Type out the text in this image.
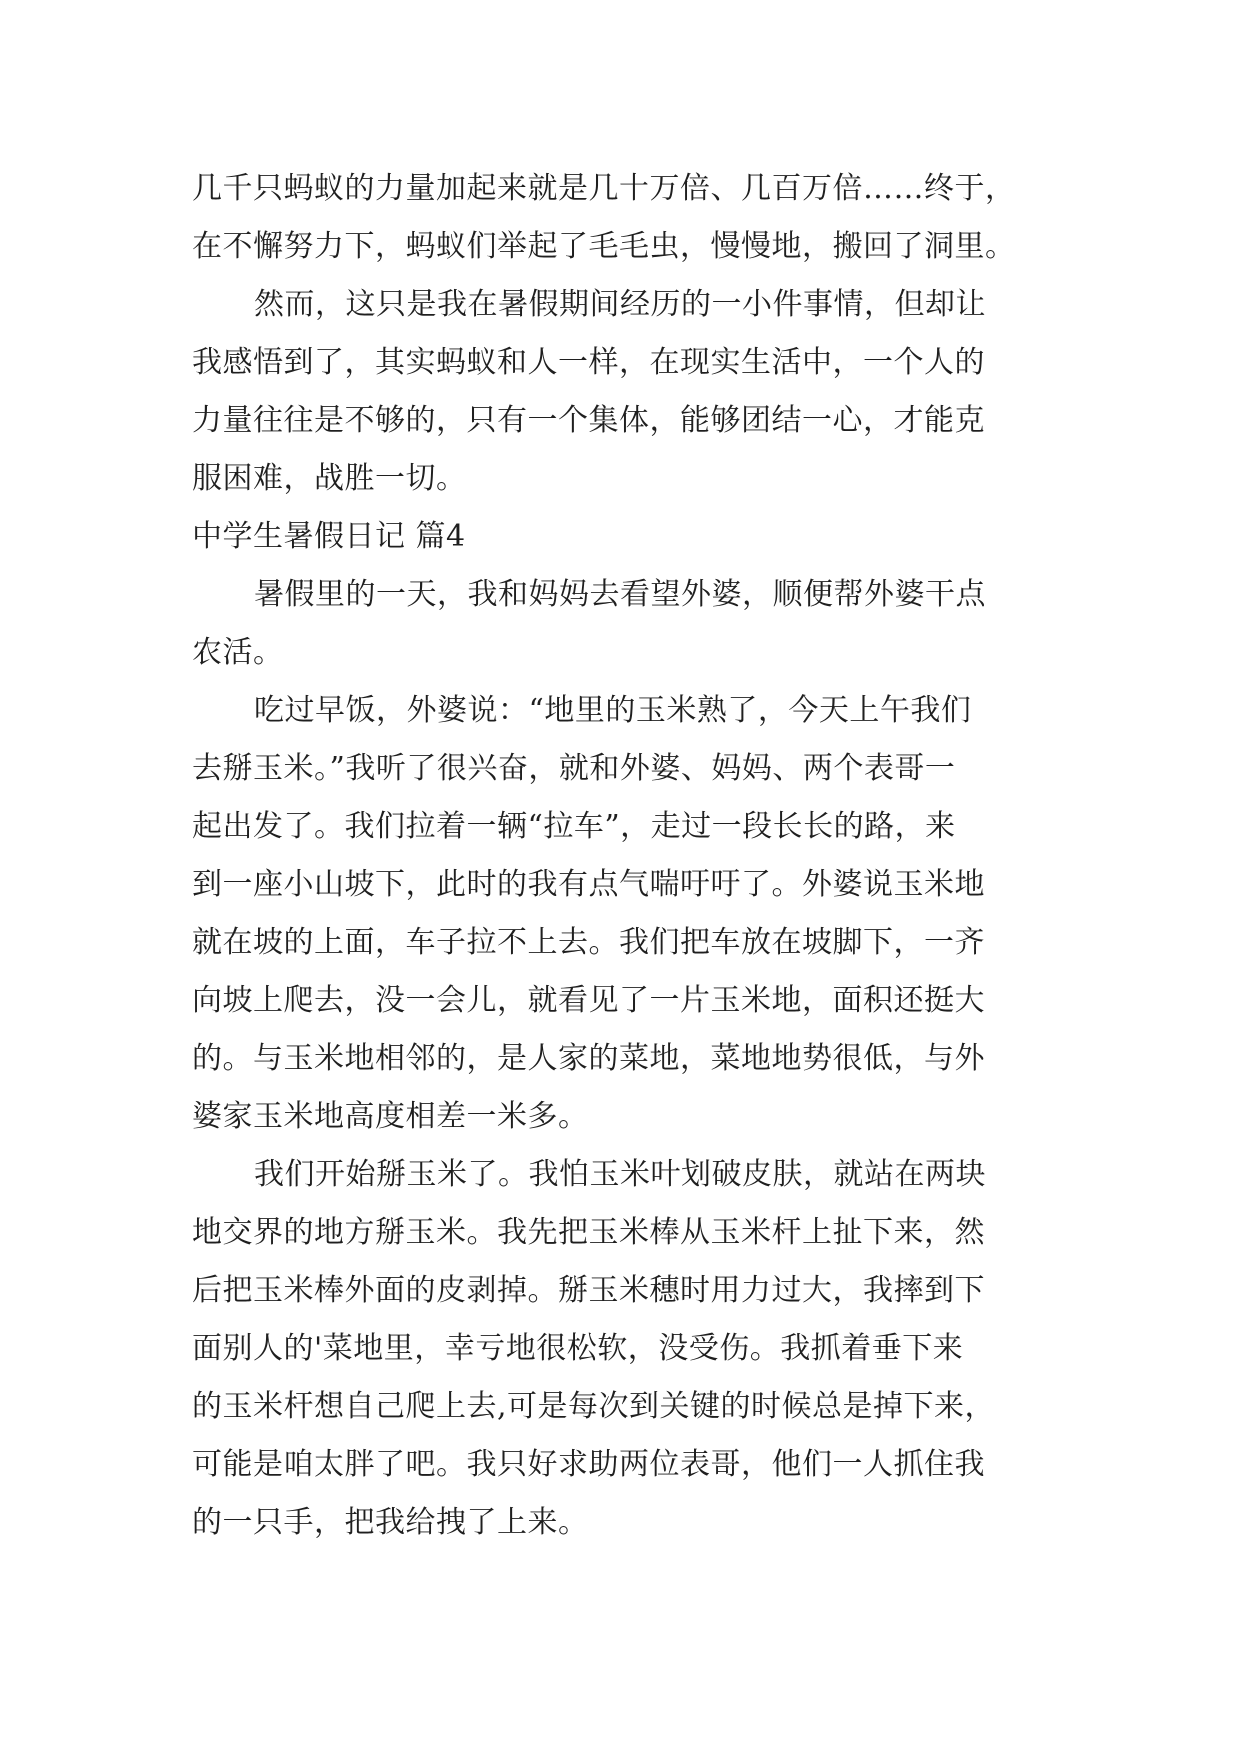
几千只蚂蚁的力量加起来就是几十万倍、几百万倍……终于，
在不懈努力下，蚂蚁们举起了毛毛虫，慢慢地，搬回了洞里。

然而，这只是我在暑假期间经历的一小件事情，但却让
我感悟到了，其实蚂蚁和人一样，在现实生活中，一个人的
力量往往是不够的，只有一个集体，能够团结一心，才能克
服困难，战胜一切。

中学生暑假日记 篇4

暑假里的一天，我和妈妈去看望外婆，顺便帮外婆干点
农活。

吃过早饭，外婆说：“地里的玉米熟了，今天上午我们
去掰玉米。”我听了很兴奋，就和外婆、妈妈、两个表哥一
起出发了。我们拉着一辆“拉车”，走过一段长长的路，来
到一座小山坡下，此时的我有点气喘吁吁了。外婆说玉米地
就在坡的上面，车子拉不上去。我们把车放在坡脚下，一齐
向坡上爬去，没一会儿，就看见了一片玉米地，面积还挺大
的。与玉米地相邻的，是人家的菜地，菜地地势很低，与外
婆家玉米地高度相差一米多。

我们开始掰玉米了。我怕玉米叶划破皮肤，就站在两块
地交界的地方掰玉米。我先把玉米棒从玉米杆上扯下来，然
后把玉米棒外面的皮剥掉。掰玉米穗时用力过大，我摔到下
面别人的'菜地里，幸亏地很松软，没受伤。我抓着垂下来
的玉米杆想自己爬上去,可是每次到关键的时候总是掉下来，
可能是咱太胖了吧。我只好求助两位表哥，他们一人抓住我
的一只手，把我给拽了上来。
